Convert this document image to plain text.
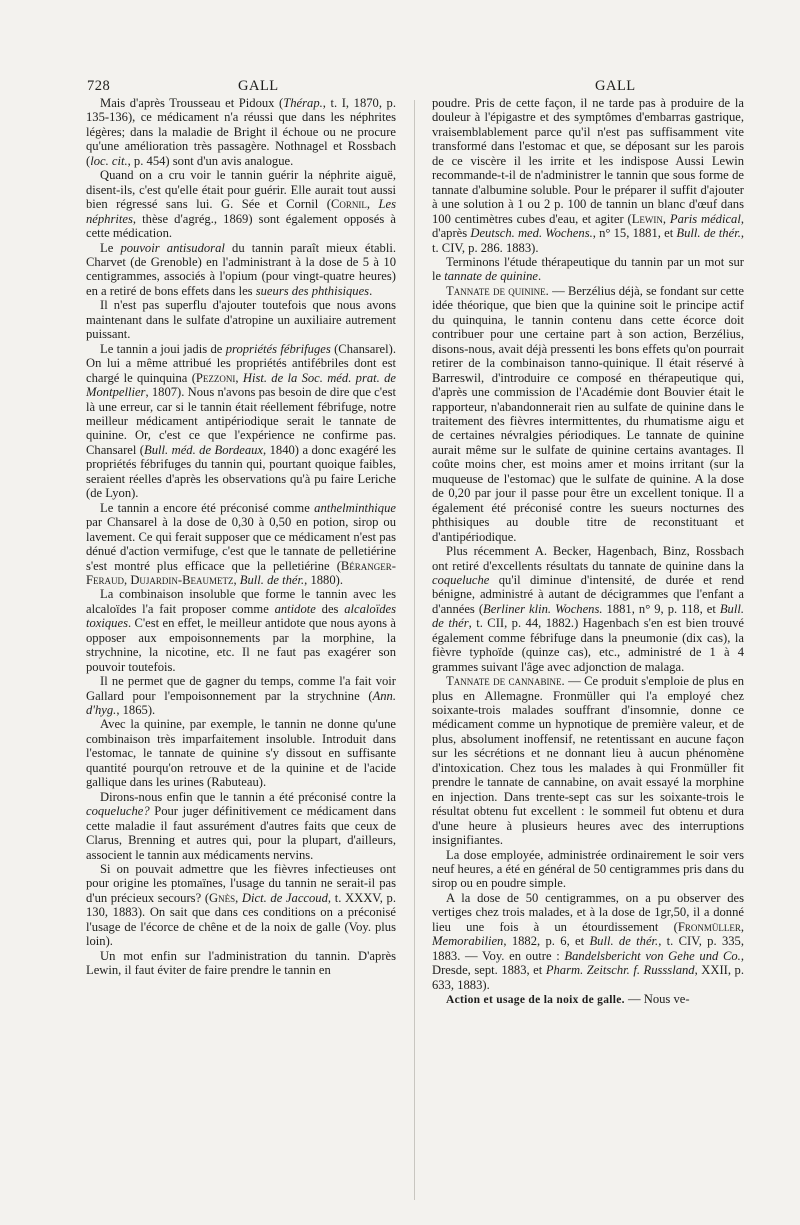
728	GALL	GALL

Mais d'après Trousseau et Pidoux (Thérap., t. I, 1870, p. 135-136), ce médicament n'a réussi que dans les néphrites légères; dans la maladie de Bright il échoue ou ne procure qu'une amélioration très passagère. Nothnagel et Rossbach (loc. cit., p. 454) sont d'un avis analogue.

Quand on a cru voir le tannin guérir la néphrite aiguë, disent-ils, c'est qu'elle était pour guérir. Elle aurait tout aussi bien régressé sans lui. G. Sée et Cornil (Cornil, Les néphrites, thèse d'agrég., 1869) sont également opposés à cette médication.

Le pouvoir antisudoral du tannin paraît mieux établi. Charvet (de Grenoble) en l'administrant à la dose de 5 à 10 centigrammes, associés à l'opium (pour vingt-quatre heures) en a retiré de bons effets dans les sueurs des phthisiques.

Il n'est pas superflu d'ajouter toutefois que nous avons maintenant dans le sulfate d'atropine un auxiliaire autrement puissant.

Le tannin a joui jadis de propriétés fébrifuges (Chansarel). On lui a même attribué les propriétés antifébriles dont est chargé le quinquina (Pezzoni, Hist. de la Soc. méd. prat. de Montpellier, 1807). Nous n'avons pas besoin de dire que c'est là une erreur, car si le tannin était réellement fébrifuge, notre meilleur médicament antipériodique serait le tannate de quinine. Or, c'est ce que l'expérience ne confirme pas. Chansarel (Bull. méd. de Bordeaux, 1840) a donc exagéré les propriétés fébrifuges du tannin qui, pourtant quoique faibles, seraient réelles d'après les observations qu'à pu faire Leriche (de Lyon).

Le tannin a encore été préconisé comme anthelminthique par Chansarel à la dose de 0,30 à 0,50 en potion, sirop ou lavement. Ce qui ferait supposer que ce médicament n'est pas dénué d'action vermifuge, c'est que le tannate de pelletiérine s'est montré plus efficace que la pelletiérine (Béranger-Feraud, Dujardin-Beaumetz, Bull. de thér., 1880).

La combinaison insoluble que forme le tannin avec les alcaloïdes l'a fait proposer comme antidote des alcaloïdes toxiques. C'est en effet, le meilleur antidote que nous ayons à opposer aux empoisonnements par la morphine, la strychnine, la nicotine, etc. Il ne faut pas exagérer son pouvoir toutefois.

Il ne permet que de gagner du temps, comme l'a fait voir Gallard pour l'empoisonnement par la strychnine (Ann. d'hyg., 1865).

Avec la quinine, par exemple, le tannin ne donne qu'une combinaison très imparfaitement insoluble. Introduit dans l'estomac, le tannate de quinine s'y dissout en suffisante quantité pourqu'on retrouve et de la quinine et de l'acide gallique dans les urines (Rabuteau).

Dirons-nous enfin que le tannin a été préconisé contre la coqueluche? Pour juger définitivement ce médicament dans cette maladie il faut assurément d'autres faits que ceux de Clarus, Brenning et autres qui, pour la plupart, d'ailleurs, associent le tannin aux médicaments nervins.

Si on pouvait admettre que les fièvres infectieuses ont pour origine les ptomaïnes, l'usage du tannin ne serait-il pas d'un précieux secours? (Gnès, Dict. de Jaccoud, t. XXXV, p. 130, 1883). On sait que dans ces conditions on a préconisé l'usage de l'écorce de chêne et de la noix de galle (Voy. plus loin).

Un mot enfin sur l'administration du tannin. D'après Lewin, il faut éviter de faire prendre le tannin en

poudre. Pris de cette façon, il ne tarde pas à produire de la douleur à l'épigastre et des symptômes d'embarras gastrique, vraisemblablement parce qu'il n'est pas suffisamment vite transformé dans l'estomac et que, se déposant sur les parois de ce viscère il les irrite et les indispose Aussi Lewin recommande-t-il de n'administrer le tannin que sous forme de tannate d'albumine soluble. Pour le préparer il suffit d'ajouter à une solution à 1 ou 2 p. 100 de tannin un blanc d'œuf dans 100 centimètres cubes d'eau, et agiter (Lewin, Paris médical, d'après Deutsch. med. Wochens., n° 15, 1881, et Bull. de thér., t. CIV, p. 286. 1883).

Terminons l'étude thérapeutique du tannin par un mot sur le tannate de quinine.

Tannate de quinine. — Berzélius déjà, se fondant sur cette idée théorique, que bien que la quinine soit le principe actif du quinquina, le tannin contenu dans cette écorce doit contribuer pour une certaine part à son action, Berzélius, disons-nous, avait déjà pressenti les bons effets qu'on pourrait retirer de la combinaison tanno-quinique. Il était réservé à Barreswil, d'introduire ce composé en thérapeutique qui, d'après une commission de l'Académie dont Bouvier était le rapporteur, n'abandonnerait rien au sulfate de quinine dans le traitement des fièvres intermittentes, du rhumatisme aigu et de certaines névralgies périodiques. Le tannate de quinine aurait même sur le sulfate de quinine certains avantages. Il coûte moins cher, est moins amer et moins irritant (sur la muqueuse de l'estomac) que le sulfate de quinine. A la dose de 0,20 par jour il passe pour être un excellent tonique. Il a également été préconisé contre les sueurs nocturnes des phthisiques au double titre de reconstituant et d'antipériodique.

Plus récemment A. Becker, Hagenbach, Binz, Rossbach ont retiré d'excellents résultats du tannate de quinine dans la coqueluche qu'il diminue d'intensité, de durée et rend bénigne, administré à autant de décigrammes que l'enfant a d'années (Berliner klin. Wochens. 1881, n° 9, p. 118, et Bull. de thér, t. CII, p. 44, 1882.) Hagenbach s'en est bien trouvé également comme fébrifuge dans la pneumonie (dix cas), la fièvre typhoïde (quinze cas), etc., administré de 1 à 4 grammes suivant l'âge avec adjonction de malaga.

Tannate de cannabine. — Ce produit s'emploie de plus en plus en Allemagne. Fronmüller qui l'a employé chez soixante-trois malades souffrant d'insomnie, donne ce médicament comme un hypnotique de première valeur, et de plus, absolument inoffensif, ne retentissant en aucune façon sur les sécrétions et ne donnant lieu à aucun phénomène d'intoxication. Chez tous les malades à qui Fronmüller fit prendre le tannate de cannabine, on avait essayé la morphine en injection. Dans trente-sept cas sur les soixante-trois le résultat obtenu fut excellent : le sommeil fut obtenu et dura d'une heure à plusieurs heures avec des interruptions insignifiantes.

La dose employée, administrée ordinairement le soir vers neuf heures, a été en général de 50 centigrammes pris dans du sirop ou en poudre simple.

A la dose de 50 centigrammes, on a pu observer des vertiges chez trois malades, et à la dose de 1gr,50, il a donné lieu une fois à un étourdissement (Fronmüller, Memorabilien, 1882, p. 6, et Bull. de thér., t. CIV, p. 335, 1883. — Voy. en outre : Bandelsbericht von Gehe und Co., Dresde, sept. 1883, et Pharm. Zeitschr. f. Russsland, XXII, p. 633, 1883).

Action et usage de la noix de galle. — Nous ve-
